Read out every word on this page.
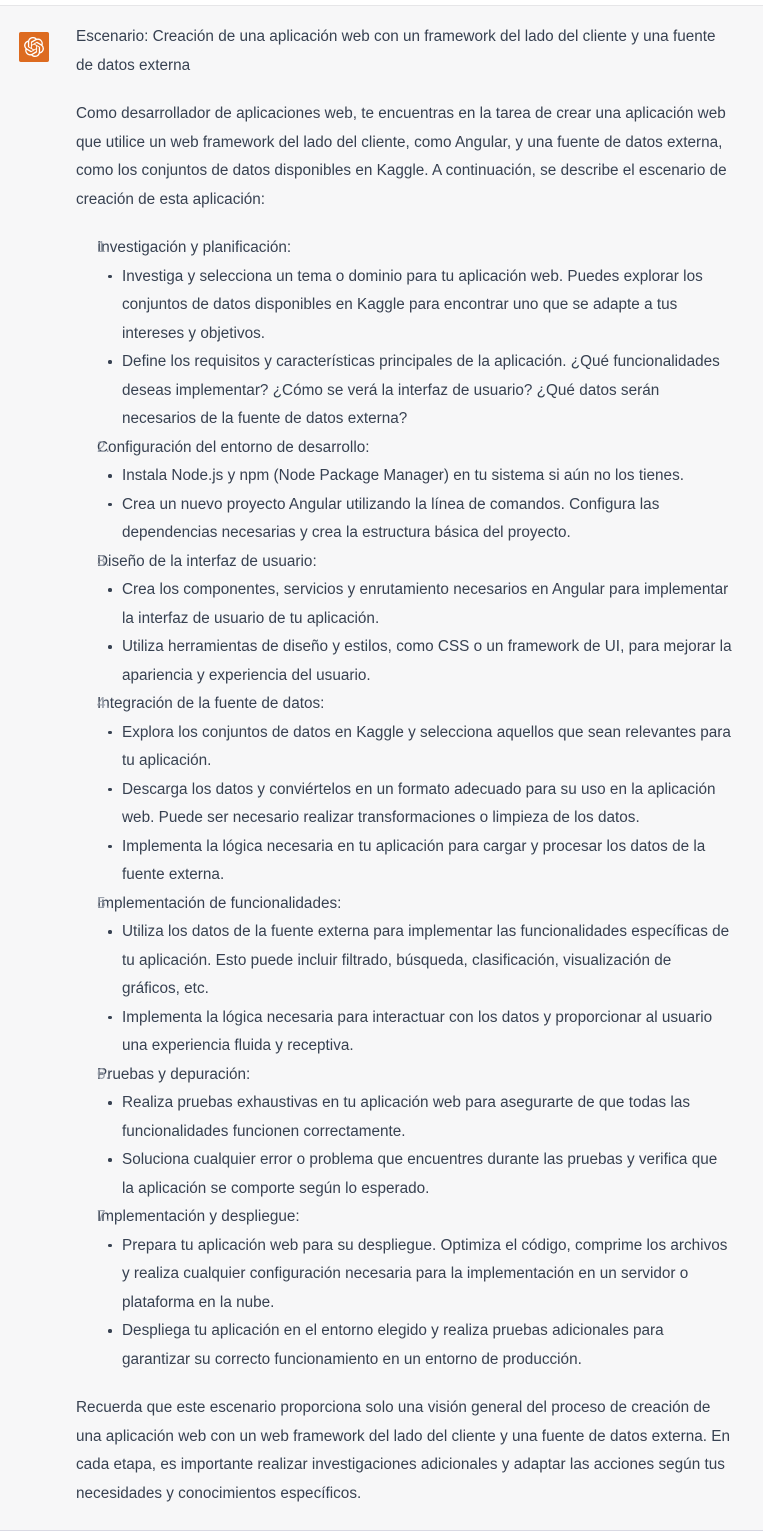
Escenario: Creación de una aplicación web con un framework del lado del cliente y una fuente de datos externa

Como desarrollador de aplicaciones web, te encuentras en la tarea de crear una aplicación web que utilice un web framework del lado del cliente, como Angular, y una fuente de datos externa, como los conjuntos de datos disponibles en Kaggle. A continuación, se describe el escenario de creación de esta aplicación:

Investigación y planificación:
Investiga y selecciona un tema o dominio para tu aplicación web. Puedes explorar los conjuntos de datos disponibles en Kaggle para encontrar uno que se adapte a tus intereses y objetivos.
Define los requisitos y características principales de la aplicación. ¿Qué funcionalidades deseas implementar? ¿Cómo se verá la interfaz de usuario? ¿Qué datos serán necesarios de la fuente de datos externa?
Configuración del entorno de desarrollo:
Instala Node.js y npm (Node Package Manager) en tu sistema si aún no los tienes.
Crea un nuevo proyecto Angular utilizando la línea de comandos. Configura las dependencias necesarias y crea la estructura básica del proyecto.
Diseño de la interfaz de usuario:
Crea los componentes, servicios y enrutamiento necesarios en Angular para implementar la interfaz de usuario de tu aplicación.
Utiliza herramientas de diseño y estilos, como CSS o un framework de UI, para mejorar la apariencia y experiencia del usuario.
Integración de la fuente de datos:
Explora los conjuntos de datos en Kaggle y selecciona aquellos que sean relevantes para tu aplicación.
Descarga los datos y conviértelos en un formato adecuado para su uso en la aplicación web. Puede ser necesario realizar transformaciones o limpieza de los datos.
Implementa la lógica necesaria en tu aplicación para cargar y procesar los datos de la fuente externa.
Implementación de funcionalidades:
Utiliza los datos de la fuente externa para implementar las funcionalidades específicas de tu aplicación. Esto puede incluir filtrado, búsqueda, clasificación, visualización de gráficos, etc.
Implementa la lógica necesaria para interactuar con los datos y proporcionar al usuario una experiencia fluida y receptiva.
Pruebas y depuración:
Realiza pruebas exhaustivas en tu aplicación web para asegurarte de que todas las funcionalidades funcionen correctamente.
Soluciona cualquier error o problema que encuentres durante las pruebas y verifica que la aplicación se comporte según lo esperado.
Implementación y despliegue:
Prepara tu aplicación web para su despliegue. Optimiza el código, comprime los archivos y realiza cualquier configuración necesaria para la implementación en un servidor o plataforma en la nube.
Despliega tu aplicación en el entorno elegido y realiza pruebas adicionales para garantizar su correcto funcionamiento en un entorno de producción.

Recuerda que este escenario proporciona solo una visión general del proceso de creación de una aplicación web con un web framework del lado del cliente y una fuente de datos externa. En cada etapa, es importante realizar investigaciones adicionales y adaptar las acciones según tus necesidades y conocimientos específicos.
